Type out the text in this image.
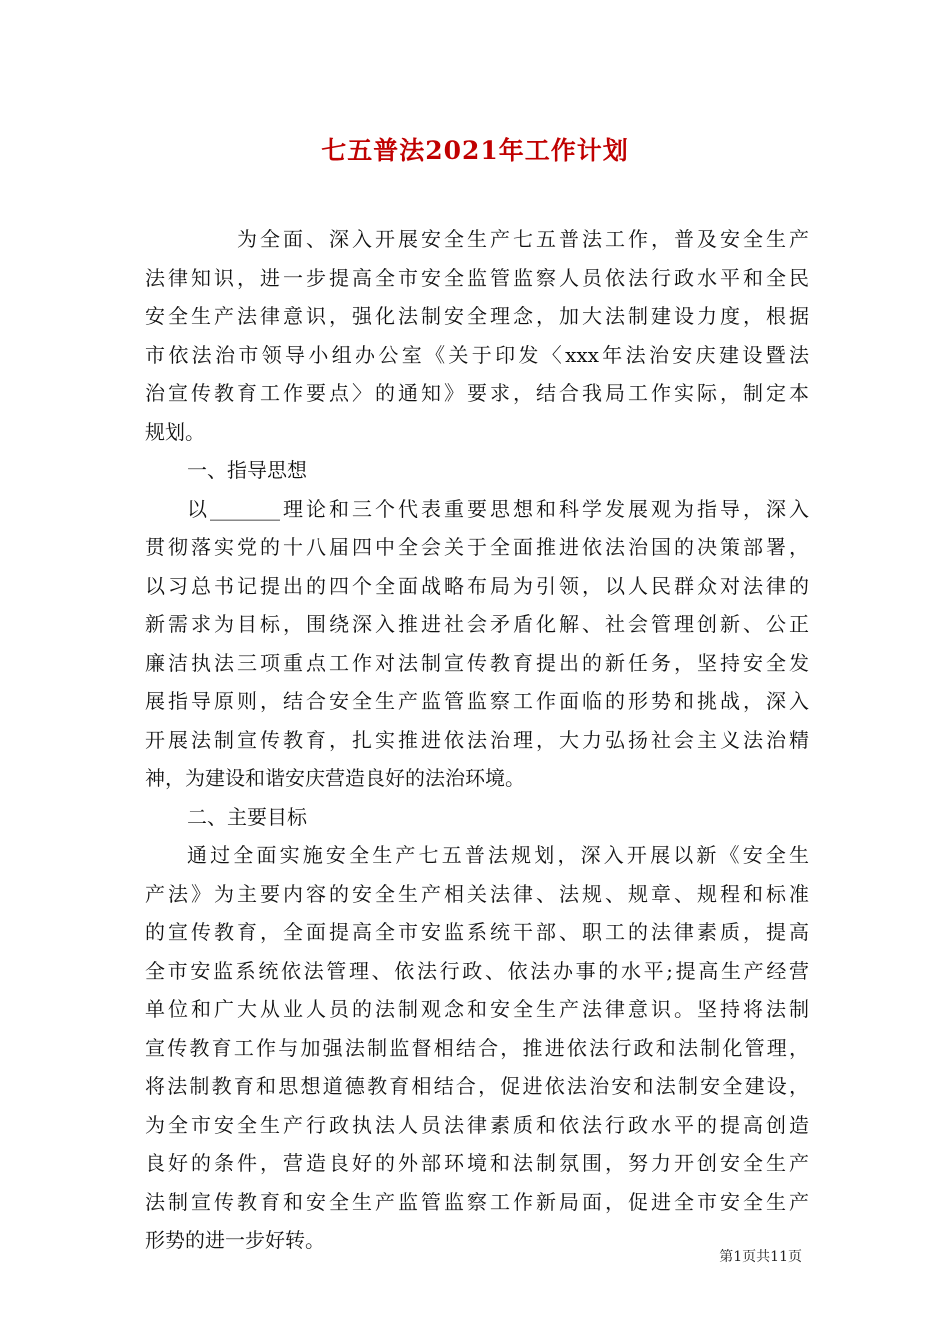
七五普法2021年工作计划
为全面、深入开展安全生产七五普法工作，普及安全生产
法律知识，进一步提高全市安全监管监察人员依法行政水平和全民
安全生产法律意识，强化法制安全理念，加大法制建设力度，根据
市依法治市领导小组办公室《关于印发〈xxx年法治安庆建设暨法
治宣传教育工作要点〉的通知》要求，结合我局工作实际，制定本
规划。
一、指导思想
以_______理论和三个代表重要思想和科学发展观为指导，深入
贯彻落实党的十八届四中全会关于全面推进依法治国的决策部署，
以习总书记提出的四个全面战略布局为引领，以人民群众对法律的
新需求为目标，围绕深入推进社会矛盾化解、社会管理创新、公正
廉洁执法三项重点工作对法制宣传教育提出的新任务，坚持安全发
展指导原则，结合安全生产监管监察工作面临的形势和挑战，深入
开展法制宣传教育，扎实推进依法治理，大力弘扬社会主义法治精
神，为建设和谐安庆营造良好的法治环境。
二、主要目标
通过全面实施安全生产七五普法规划，深入开展以新《安全生
产法》为主要内容的安全生产相关法律、法规、规章、规程和标准
的宣传教育，全面提高全市安监系统干部、职工的法律素质，提高
全市安监系统依法管理、依法行政、依法办事的水平;提高生产经营
单位和广大从业人员的法制观念和安全生产法律意识。坚持将法制
宣传教育工作与加强法制监督相结合，推进依法行政和法制化管理，
将法制教育和思想道德教育相结合，促进依法治安和法制安全建设，
为全市安全生产行政执法人员法律素质和依法行政水平的提高创造
良好的条件，营造良好的外部环境和法制氛围，努力开创安全生产
法制宣传教育和安全生产监管监察工作新局面，促进全市安全生产
形势的进一步好转。
第1页共11页
